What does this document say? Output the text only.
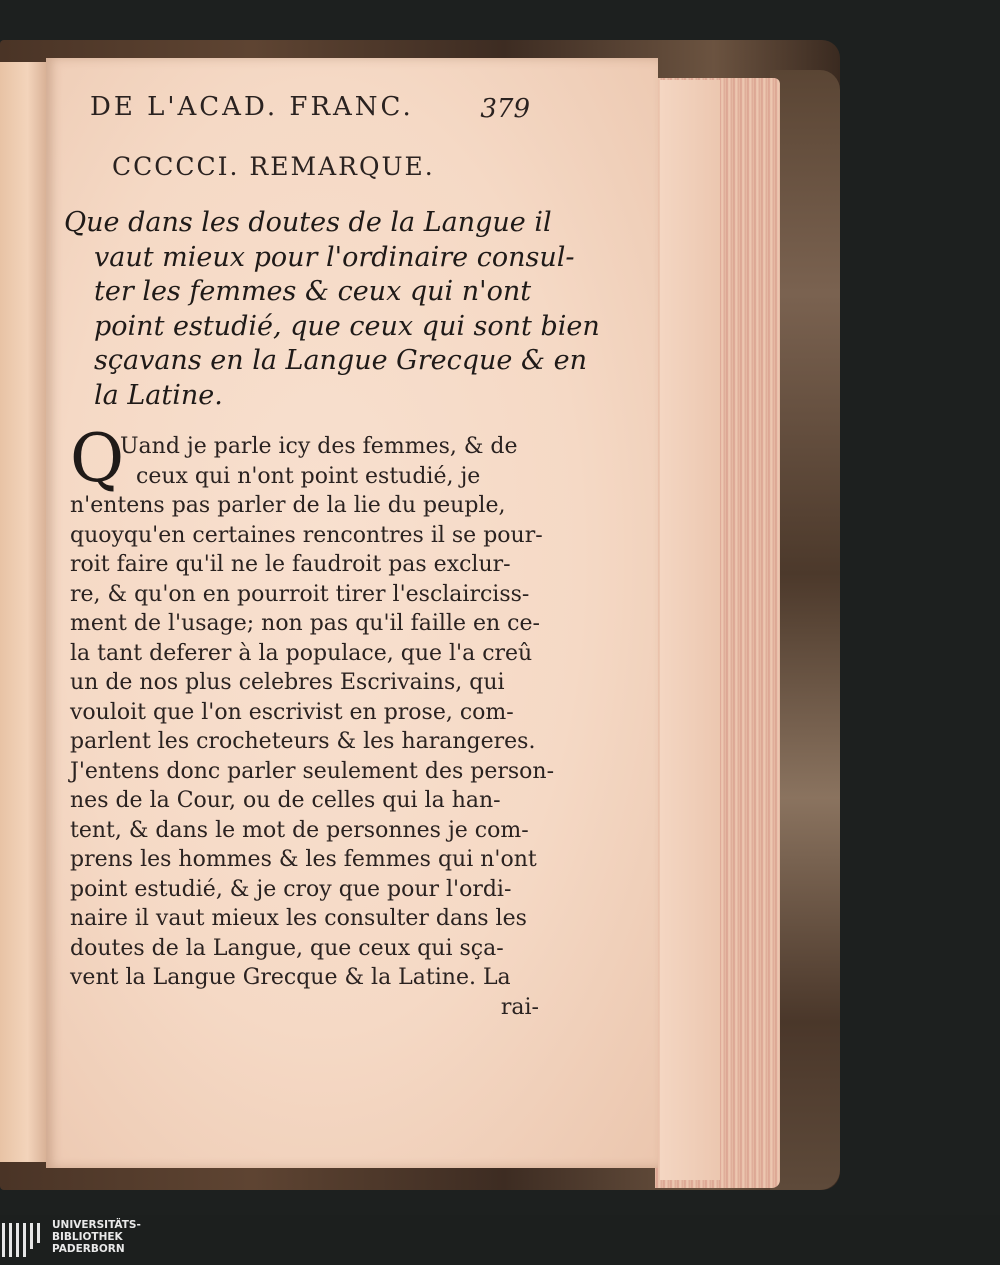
DE L'ACAD. FRANC.	379
CCCCCI. REMARQUE.
Que dans les doutes de la Langue il
vaut mieux pour l'ordinaire consul-
ter les femmes & ceux qui n'ont
point estudié, que ceux qui sont bien
sçavans en la Langue Grecque & en
la Latine.
Q
Uand je parle icy des femmes, & de
ceux qui n'ont point estudié, je
n'entens pas parler de la lie du peuple,
quoyqu'en certaines rencontres il se pour-
roit faire qu'il ne le faudroit pas exclur-
re, & qu'on en pourroit tirer l'esclairciss-
ment de l'usage; non pas qu'il faille en ce-
la tant deferer à la populace, que l'a creû
un de nos plus celebres Escrivains, qui
vouloit que l'on escrivist en prose, com-
parlent les crocheteurs & les harangeres.
J'entens donc parler seulement des person-
nes de la Cour, ou de celles qui la han-
tent, & dans le mot de personnes je com-
prens les hommes & les femmes qui n'ont
point estudié, & je croy que pour l'ordi-
naire il vaut mieux les consulter dans les
doutes de la Langue, que ceux qui sça-
vent la Langue Grecque & la Latine. La
rai-
UNIVERSITÄTS-
BIBLIOTHEK
PADERBORN
